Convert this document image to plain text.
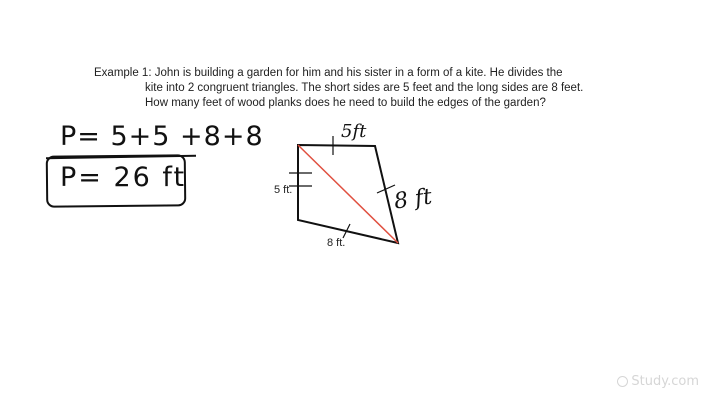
Example 1: John is building a garden for him and his sister in a form of a kite. He divides the
kite into 2 congruent triangles. The short sides are 5 feet and the long sides are 8 feet.
How many feet of wood planks does he need to build the edges of the garden?
P= 5+5 +8+8
P= 26 ft	5 ft.
8 ft.
5ft
8 ft
Study.com
